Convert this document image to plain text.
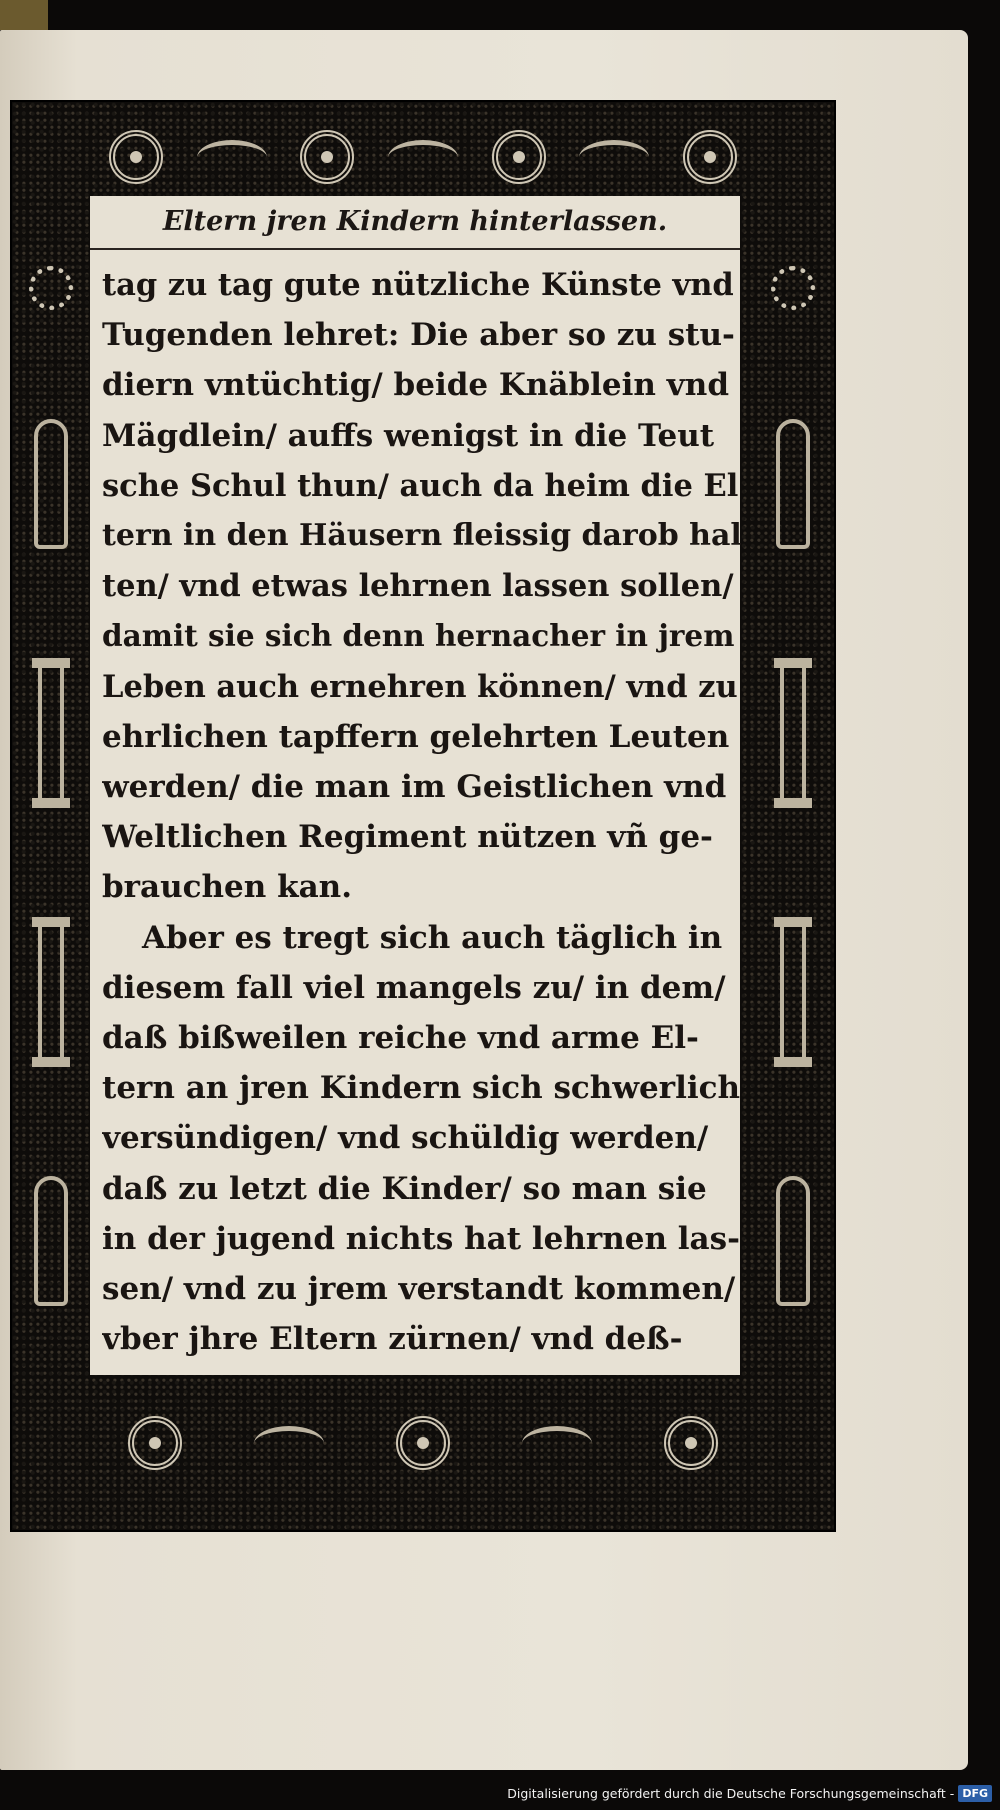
Eltern jren Kindern hinterlassen.
tag zu tag gute nützliche Künste vnd
Tugenden lehret: Die aber so zu stu-
diern vntüchtig/ beide Knäblein vnd
Mägdlein/ auffs wenigst in die Teut
sche Schul thun/ auch da heim die El
tern in den Häusern fleissig darob hal
ten/ vnd etwas lehrnen lassen sollen/
damit sie sich denn hernacher in jrem
Leben auch ernehren können/ vnd zu
ehrlichen tapffern gelehrten Leuten
werden/ die man im Geistlichen vnd
Weltlichen Regiment nützen vñ ge-
brauchen kan.
Aber es tregt sich auch täglich in
diesem fall viel mangels zu/ in dem/
daß bißweilen reiche vnd arme El-
tern an jren Kindern sich schwerlich
versündigen/ vnd schüldig werden/
daß zu letzt die Kinder/ so man sie
in der jugend nichts hat lehrnen las-
sen/ vnd zu jrem verstandt kommen/
vber jhre Eltern zürnen/ vnd deß-
Digitalisierung gefördert durch die Deutsche Forschungsgemeinschaft - DFG
